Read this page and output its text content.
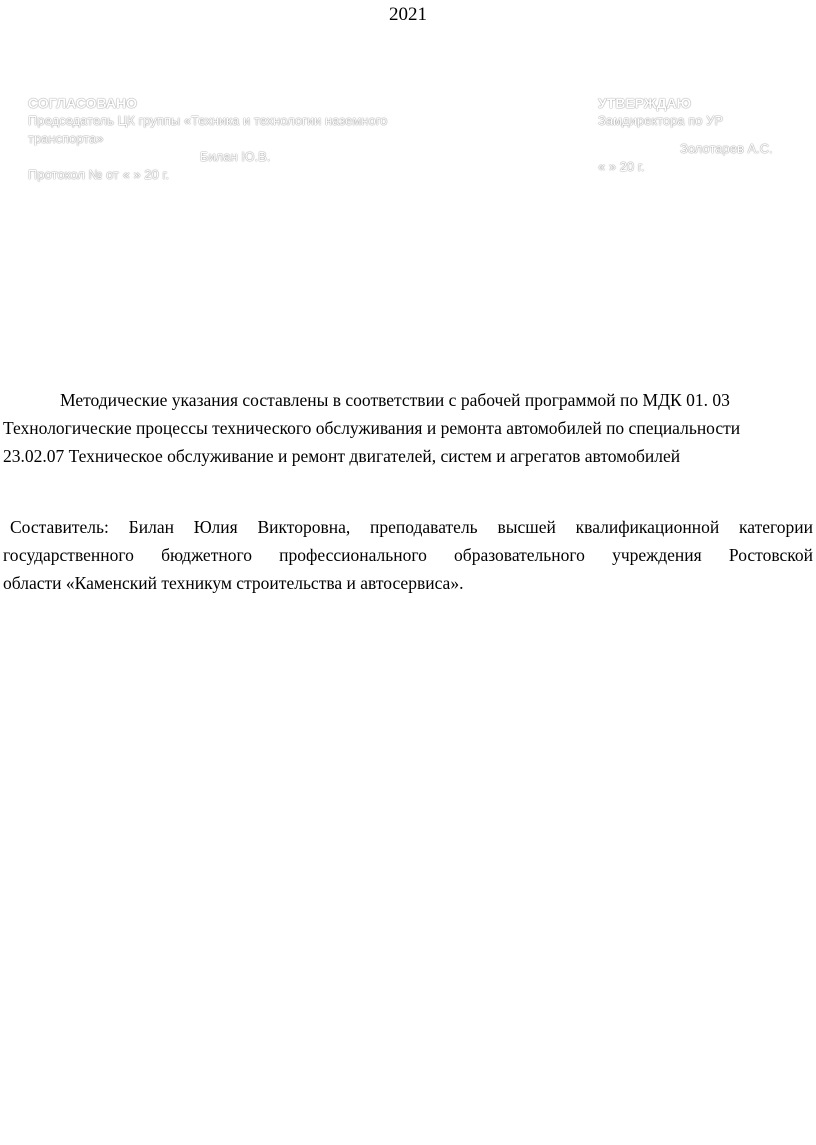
2021
СОГЛАСОВАНО
Председатель ЦК группы «Техника и технологии наземного
транспорта»
Билан Ю.В.
Протокол № от « » 20 г.
УТВЕРЖДАЮ
Замдиректора по УР
Золотарев А.С.
« » 20 г.
Методические указания составлены в соответствии с рабочей программой по МДК 01. 03
Технологические процессы технического обслуживания и ремонта автомобилей по специальности
23.02.07 Техническое обслуживание и ремонт двигателей, систем и агрегатов автомобилей
Составитель: Билан Юлия Викторовна, преподаватель высшей квалификационной категории
государственного бюджетного профессионального образовательного учреждения Ростовской
области «Каменский техникум строительства и автосервиса».
